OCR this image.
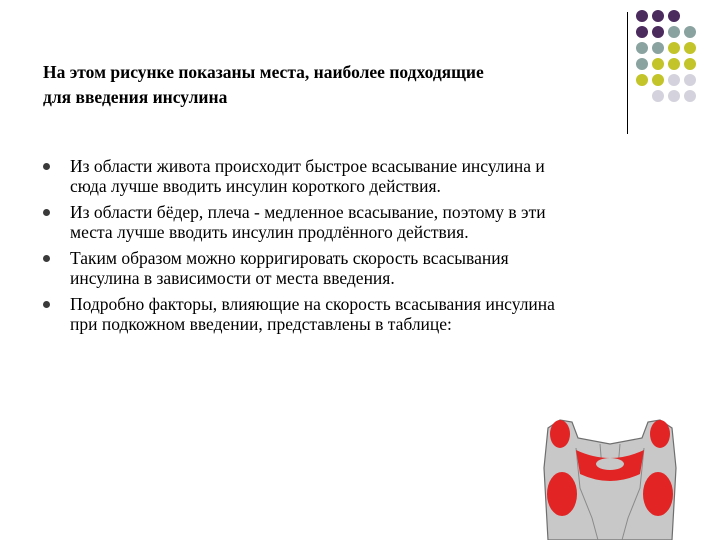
На этом рисунке показаны места, наиболее подходящие
для введения инсулина
Из области живота происходит быстрое всасывание инсулина и
сюда лучше вводить инсулин короткого действия.
Из области бёдер, плеча - медленное всасывание, поэтому в эти
места лучше вводить инсулин продлённого действия.
Таким образом можно корригировать скорость всасывания
инсулина в зависимости от места введения.
Подробно факторы, влияющие на скорость всасывания инсулина
при подкожном введении, представлены в таблице:
